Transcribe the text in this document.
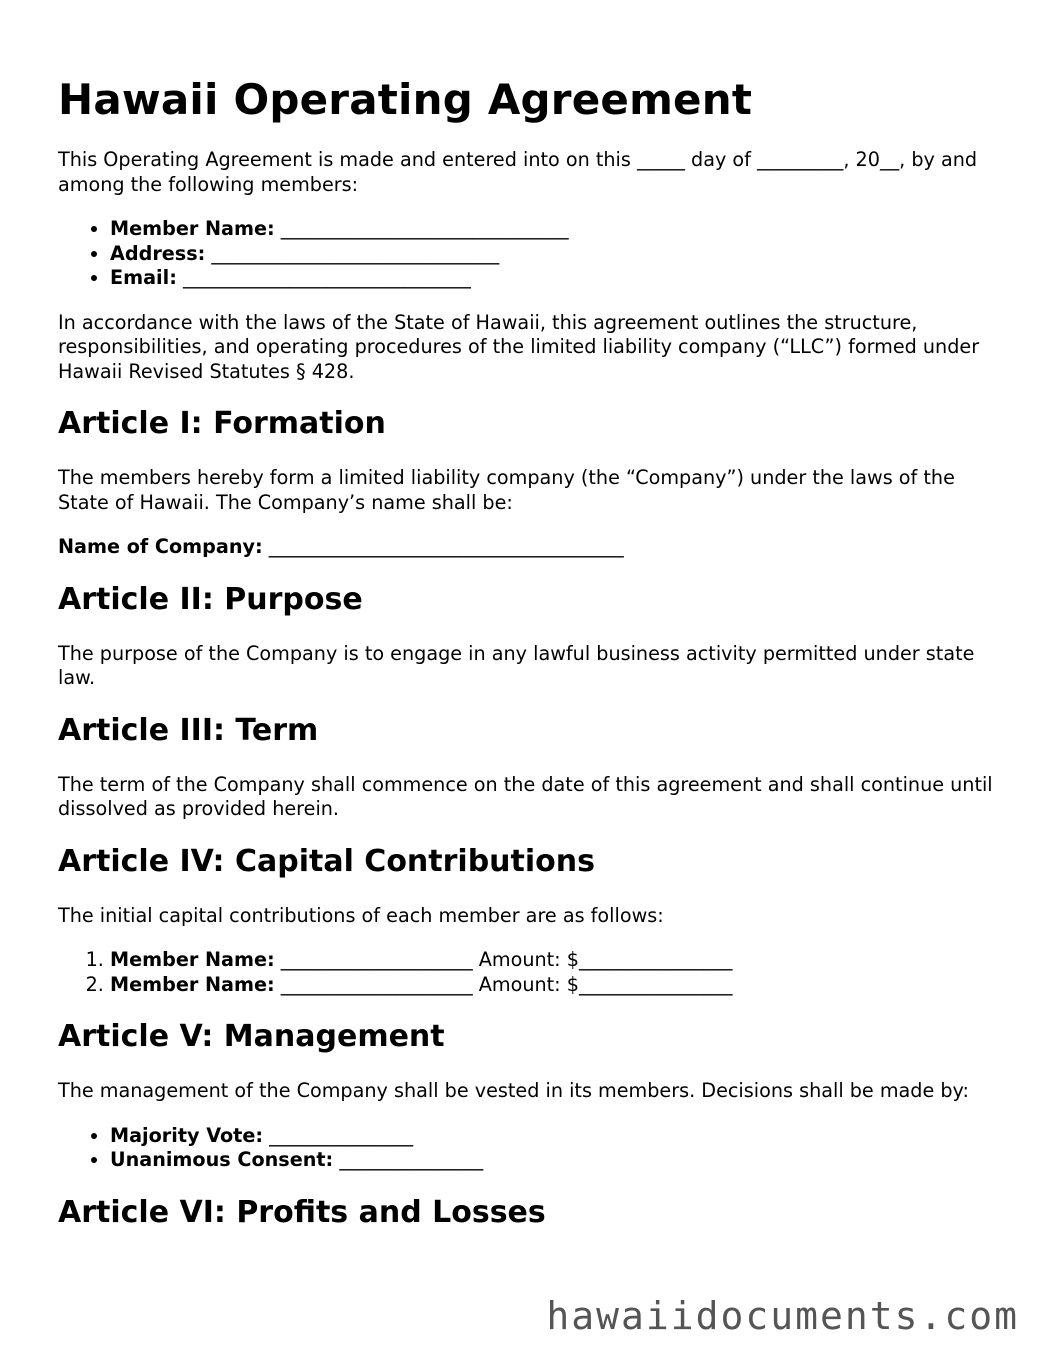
Hawaii Operating Agreement

This Operating Agreement is made and entered into on this _____ day of _________, 20__, by and among the following members:

• Member Name: ______________________________
• Address: ______________________________
• Email: ______________________________

In accordance with the laws of the State of Hawaii, this agreement outlines the structure, responsibilities, and operating procedures of the limited liability company (“LLC”) formed under Hawaii Revised Statutes § 428.

Article I: Formation

The members hereby form a limited liability company (the “Company”) under the laws of the State of Hawaii. The Company’s name shall be:

Name of Company: _____________________________________

Article II: Purpose

The purpose of the Company is to engage in any lawful business activity permitted under state law.

Article III: Term

The term of the Company shall commence on the date of this agreement and shall continue until dissolved as provided herein.

Article IV: Capital Contributions

The initial capital contributions of each member are as follows:

1. Member Name: ____________________ Amount: $________________
2. Member Name: ____________________ Amount: $________________
Article V: Management

The management of the Company shall be vested in its members. Decisions shall be made by:

• Majority Vote: _______________
• Unanimous Consent: _______________
Article VI: Profits and Losses
hawaiidocuments.com
